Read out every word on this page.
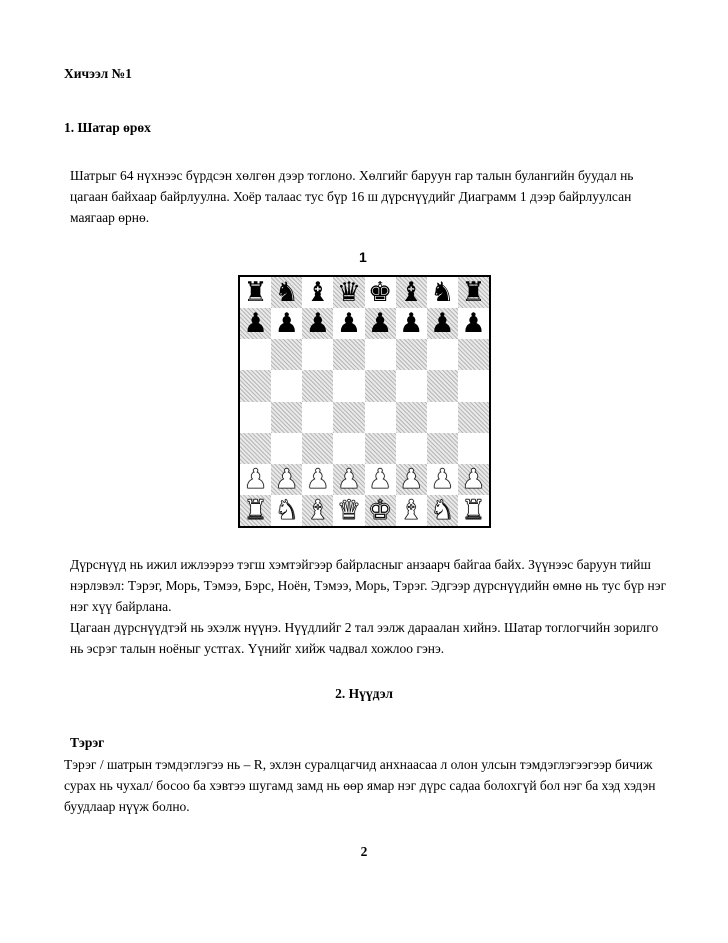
Хичээл №1
1. Шатар өрөх

Шатрыг 64 нүхнээс бүрдсэн хөлгөн дээр тоглоно. Хөлгийг баруун гар талын булангийн буудал нь цагаан байхаар байрлуулна. Хоёр талаас тус бүр 16 ш дүрснүүдийг Диаграмм 1 дээр байрлуулсан маягаар өрнө.

1
♜ ♞ ♝ ♛ ♚ ♝ ♞ ♜
♟ ♟ ♟ ♟ ♟ ♟ ♟ ♟
♟ ♟ ♟ ♟ ♟ ♟ ♟ ♟
♜ ♞ ♝ ♛ ♚ ♝ ♞ ♜

Дүрснүүд нь ижил ижлээрээ тэгш хэмтэйгээр байрласныг анзаарч байгаа байх. Зүүнээс баруун тийш нэрлэвэл: Тэрэг, Морь, Тэмээ, Бэрс, Ноён, Тэмээ, Морь, Тэрэг. Эдгээр дүрснүүдийн өмнө нь тус бүр нэг нэг хүү байрлана.

Цагаан дүрснүүдтэй нь эхэлж нүүнэ. Нүүдлийг 2 тал ээлж дараалан хийнэ. Шатар тоглогчийн зорилго нь эсрэг талын ноёныг устгах. Үүнийг хийж чадвал хожлоо гэнэ.

2. Нүүдэл
Тэрэг

Тэрэг / шатрын тэмдэглэгээ нь – R, эхлэн суралцагчид анхнаасаа л олон улсын тэмдэглэгээгээр бичиж сурах нь чухал/ босоо ба хэвтээ шугамд замд нь өөр ямар нэг дүрс садаа болохгүй бол нэг ба хэд хэдэн буудлаар нүүж болно.

2
